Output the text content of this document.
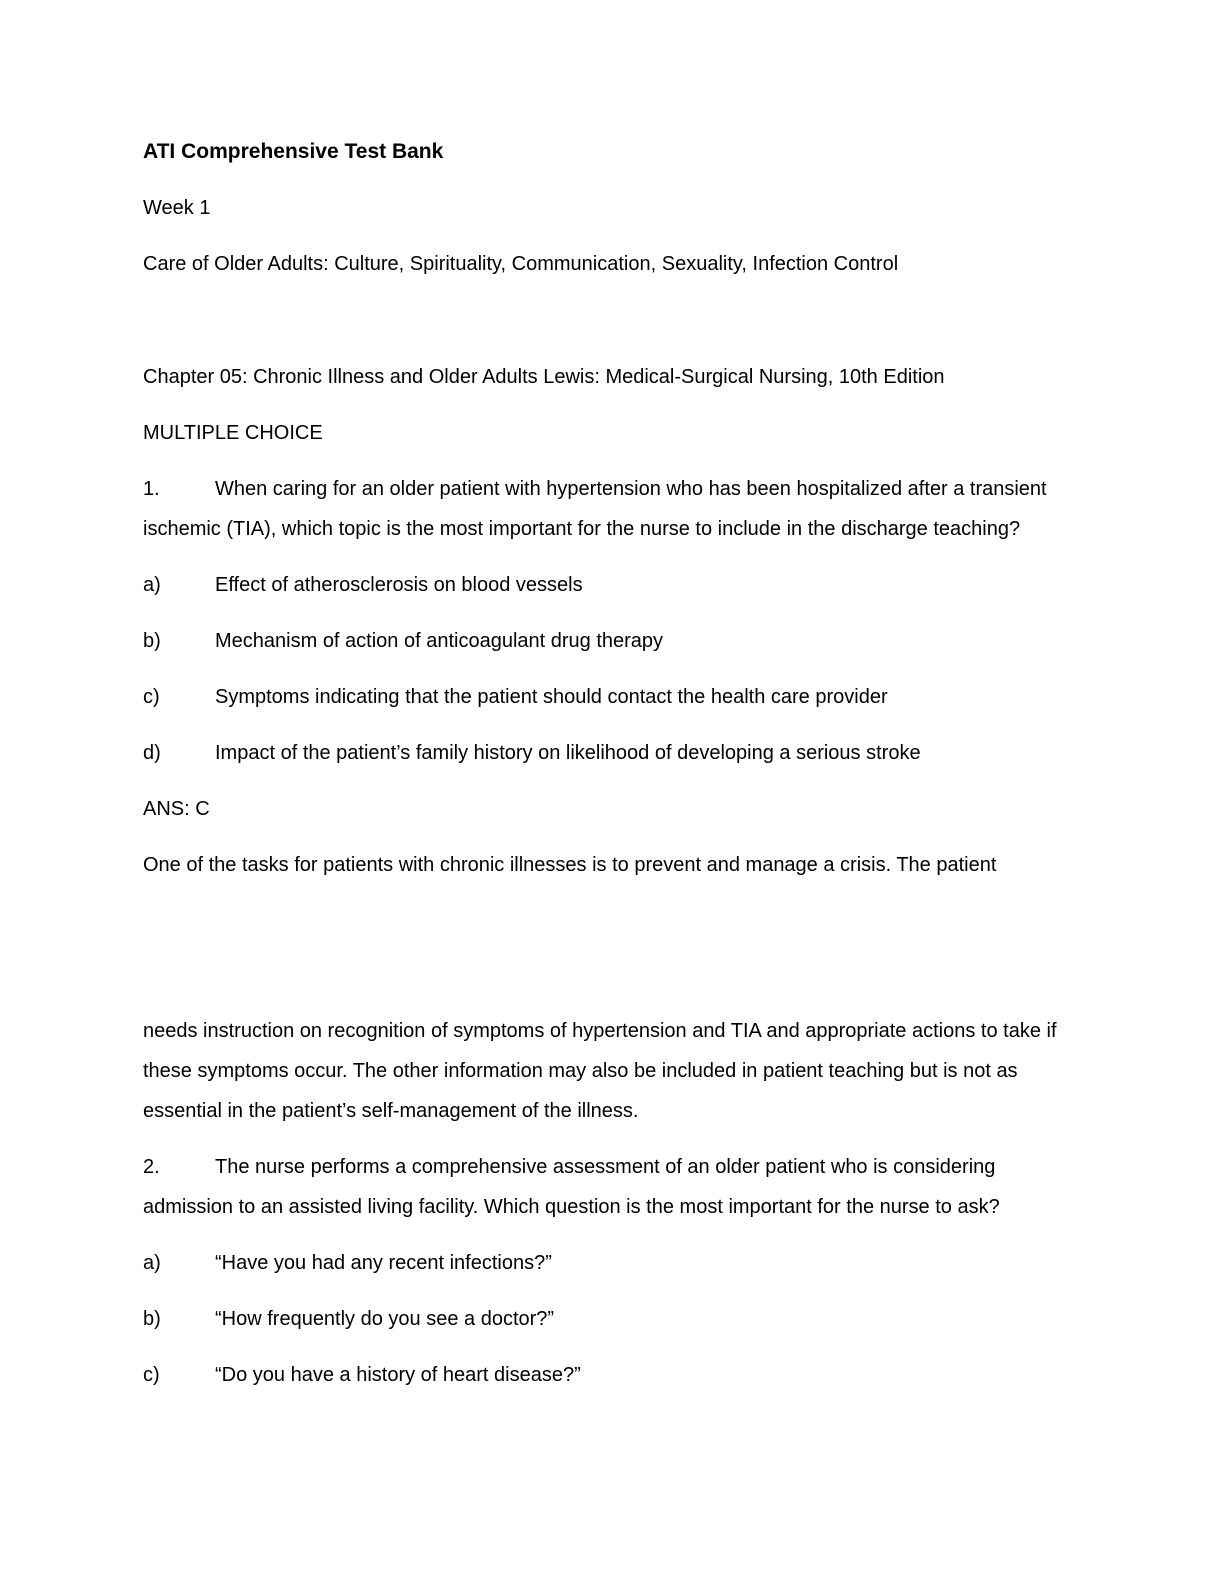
ATI Comprehensive Test Bank

Week 1

Care of Older Adults: Culture, Spirituality, Communication, Sexuality, Infection Control

Chapter 05: Chronic Illness and Older Adults Lewis: Medical-Surgical Nursing, 10th Edition

MULTIPLE CHOICE

1.	When caring for an older patient with hypertension who has been hospitalized after a transient ischemic (TIA), which topic is the most important for the nurse to include in the discharge teaching?

a)	Effect of atherosclerosis on blood vessels

b)	Mechanism of action of anticoagulant drug therapy

c)	Symptoms indicating that the patient should contact the health care provider

d)	Impact of the patient’s family history on likelihood of developing a serious stroke

ANS: C

One of the tasks for patients with chronic illnesses is to prevent and manage a crisis. The patient

needs instruction on recognition of symptoms of hypertension and TIA and appropriate actions to take if these symptoms occur. The other information may also be included in patient teaching but is not as essential in the patient’s self-management of the illness.

2.	The nurse performs a comprehensive assessment of an older patient who is considering admission to an assisted living facility. Which question is the most important for the nurse to ask?

a)	“Have you had any recent infections?”

b)	“How frequently do you see a doctor?”

c)	“Do you have a history of heart disease?”
